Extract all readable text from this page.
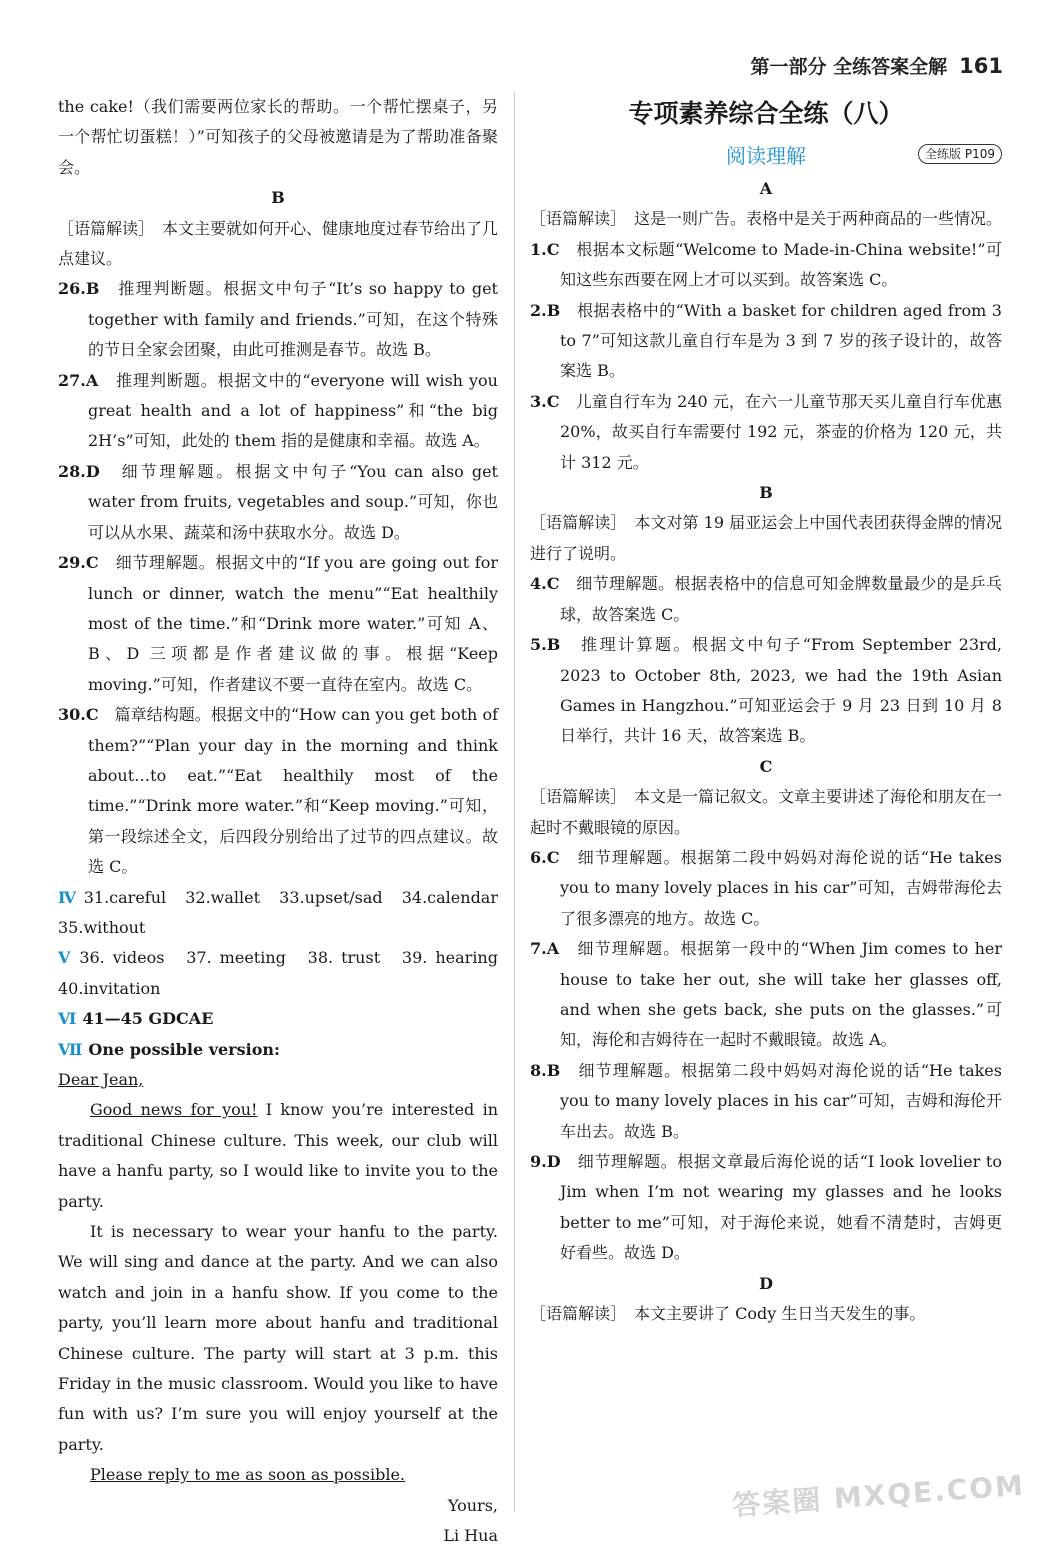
第一部分 全练答案全解 161

the cake!（我们需要两位家长的帮助。一个帮忙摆桌子，另一个帮忙切蛋糕！）”可知孩子的父母被邀请是为了帮助准备聚会。

B

［语篇解读］　本文主要就如何开心、健康地度过春节给出了几点建议。

26.B　 推理判断题。根据文中句子“It’s so happy to get together with family and friends.”可知，在这个特殊的节日全家会团聚，由此可推测是春节。故选 B。

27.A　 推理判断题。根据文中的“everyone will wish you great health and a lot of happiness”和“the big 2H’s”可知，此处的 them 指的是健康和幸福。故选 A。

28.D　 细节理解题。根据文中句子“You can also get water from fruits, vegetables and soup.”可知，你也可以从水果、蔬菜和汤中获取水分。故选 D。

29.C　 细节理解题。根据文中的“If you are going out for lunch or dinner, watch the menu”“Eat healthily most of the time.”和“Drink more water.”可知 A、B、D 三项都是作者建议做的事。根据“Keep moving.”可知，作者建议不要一直待在室内。故选 C。

30.C　 篇章结构题。根据文中的“How can you get both of them?”“Plan your day in the morning and think about…to eat.”“Eat healthily most of the time.”“Drink more water.”和“Keep moving.”可知，第一段综述全文，后四段分别给出了过节的四点建议。故选 C。

Ⅳ 31.careful　32.wallet　33.upset/sad　34.calendar　35.without

Ⅴ 36. videos　37. meeting　38. trust　39. hearing　40.invitation

Ⅵ 41—45 GDCAE

Ⅶ One possible version:

Dear Jean,

Good news for you! I know you’re interested in traditional Chinese culture. This week, our club will have a hanfu party, so I would like to invite you to the party.

It is necessary to wear your hanfu to the party. We will sing and dance at the party. And we can also watch and join in a hanfu show. If you come to the party, you’ll learn more about hanfu and traditional Chinese culture. The party will start at 3 p.m. this Friday in the music classroom. Would you like to have fun with us? I’m sure you will enjoy yourself at the party.

Please reply to me as soon as possible.

Yours,

Li Hua

专项素养综合全练（八）
阅读理解	全练版 P109

A

［语篇解读］　这是一则广告。表格中是关于两种商品的一些情况。

1.C　 根据本文标题“Welcome to Made-in-China website!”可知这些东西要在网上才可以买到。故答案选 C。

2.B　 根据表格中的“With a basket for children aged from 3 to 7”可知这款儿童自行车是为 3 到 7 岁的孩子设计的，故答案选 B。

3.C　 儿童自行车为 240 元，在六一儿童节那天买儿童自行车优惠 20%，故买自行车需要付 192 元，茶壶的价格为 120 元，共计 312 元。

B

［语篇解读］　本文对第 19 届亚运会上中国代表团获得金牌的情况进行了说明。

4.C　 细节理解题。根据表格中的信息可知金牌数量最少的是乒乓球，故答案选 C。

5.B　 推理计算题。根据文中句子“From September 23rd, 2023 to October 8th, 2023, we had the 19th Asian Games in Hangzhou.”可知亚运会于 9 月 23 日到 10 月 8 日举行，共计 16 天，故答案选 B。

C

［语篇解读］　本文是一篇记叙文。文章主要讲述了海伦和朋友在一起时不戴眼镜的原因。

6.C　 细节理解题。根据第二段中妈妈对海伦说的话“He takes you to many lovely places in his car”可知，吉姆带海伦去了很多漂亮的地方。故选 C。

7.A　 细节理解题。根据第一段中的“When Jim comes to her house to take her out, she will take her glasses off, and when she gets back, she puts on the glasses.”可知，海伦和吉姆待在一起时不戴眼镜。故选 A。

8.B　 细节理解题。根据第二段中妈妈对海伦说的话“He takes you to many lovely places in his car”可知，吉姆和海伦开车出去。故选 B。

9.D　 细节理解题。根据文章最后海伦说的话“I look lovelier to Jim when I’m not wearing my glasses and he looks better to me”可知，对于海伦来说，她看不清楚时，吉姆更好看些。故选 D。

D

［语篇解读］　本文主要讲了 Cody 生日当天发生的事。

答案圈 MXQE.COM
